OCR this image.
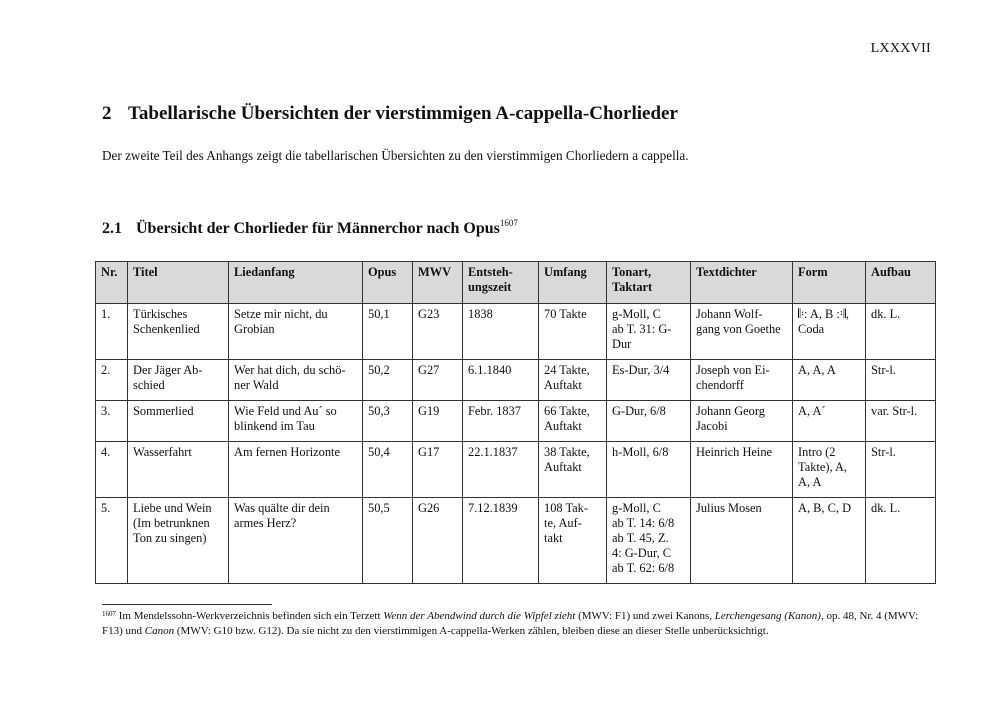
LXXXVII
2 Tabellarische Übersichten der vierstimmigen A-cappella-Chorlieder
Der zweite Teil des Anhangs zeigt die tabellarischen Übersichten zu den vierstimmigen Chorliedern a cappella.
2.1 Übersicht der Chorlieder für Männerchor nach Opus$^{1607}$
Nr.	Titel	Liedanfang	Opus	MWV	Entsteh-
ungszeit	Umfang	Tonart,
Taktart	Textdichter	Form	Aufbau
1.	Türkisches
Schenkenlied	Setze mir nicht, du
Grobian	50,1	G23	1838	70 Takte	g-Moll, C
ab T. 31: G-
Dur	Johann Wolf-
gang von Goethe	𝄆: A, B :𝄇,
Coda	dk. L.
2.	Der Jäger Ab-
schied	Wer hat dich, du schö-
ner Wald	50,2	G27	6.1.1840	24 Takte,
Auftakt	Es-Dur, 3/4	Joseph von Ei-
chendorff	A, A, A	Str-l.
3.	Sommerlied	Wie Feld und Au´ so
blinkend im Tau	50,3	G19	Febr. 1837	66 Takte,
Auftakt	G-Dur, 6/8	Johann Georg
Jacobi	A, A´	var. Str-l.
4.	Wasserfahrt	Am fernen Horizonte	50,4	G17	22.1.1837	38 Takte,
Auftakt	h-Moll, 6/8	Heinrich Heine	Intro (2
Takte), A,
A, A	Str-l.
5.	Liebe und Wein
(Im betrunknen
Ton zu singen)	Was quälte dir dein
armes Herz?	50,5	G26	7.12.1839	108 Tak-
te, Auf-
takt	g-Moll, C
ab T. 14: 6/8
ab T. 45, Z.
4: G-Dur, C
ab T. 62: 6/8	Julius Mosen	A, B, C, D	dk. L.
$^{1607}$ Im Mendelssohn-Werkverzeichnis befinden sich ein Terzett Wenn der Abendwind durch die Wipfel zieht (MWV: F1) und zwei Kanons, Lerchengesang (Kanon), op. 48, Nr. 4 (MWV: F13) und Canon (MWV: G10 bzw. G12). Da sie nicht zu den vierstimmigen A-cappella-Werken zählen, bleiben diese an dieser Stelle unberücksichtigt.
